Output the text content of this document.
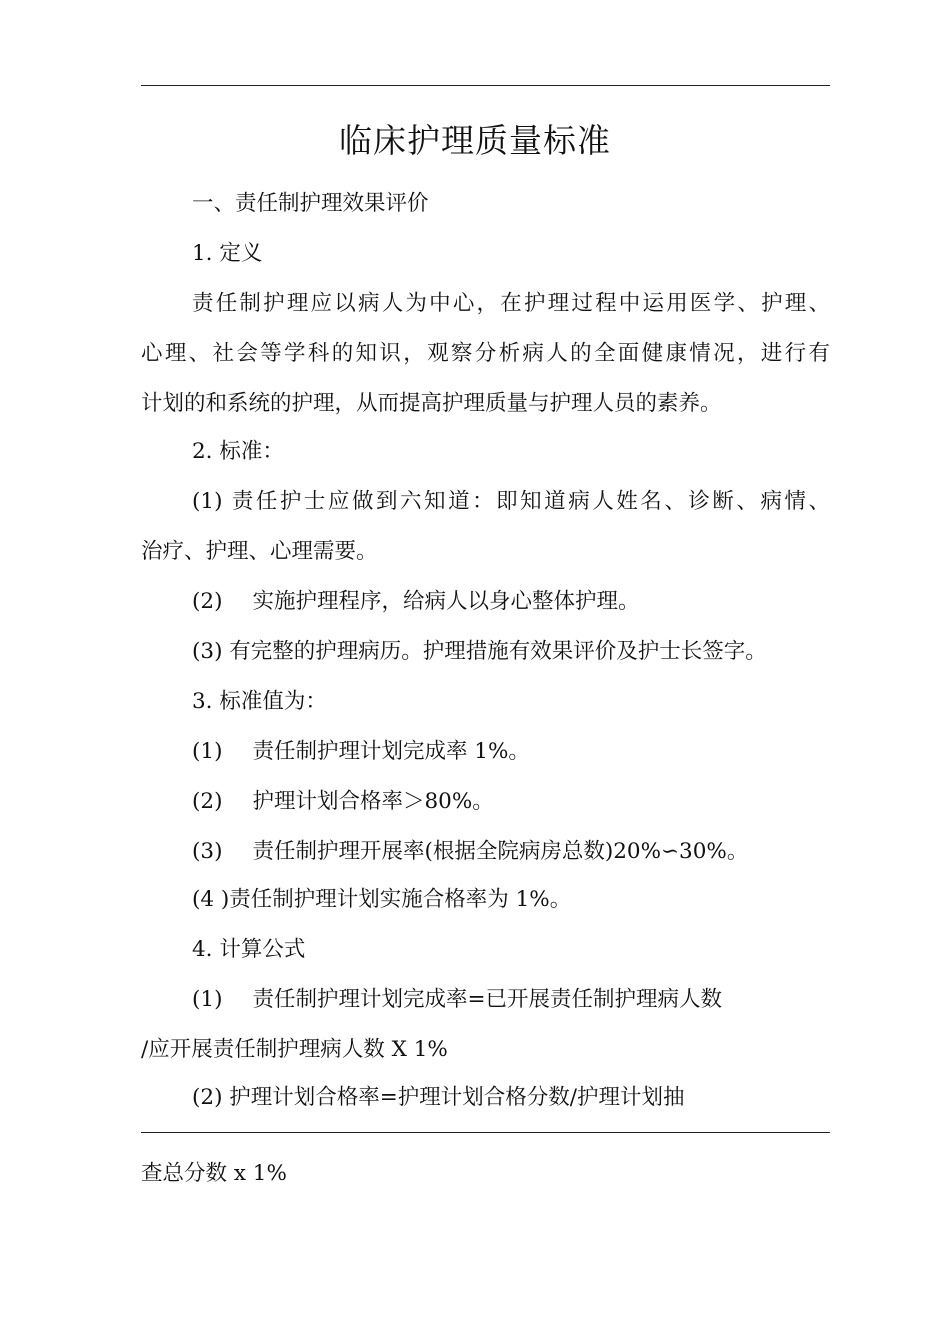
临床护理质量标准
一、责任制护理效果评价
1. 定义
责任制护理应以病人为中心，在护理过程中运用医学、护理、
心理、社会等学科的知识，观察分析病人的全面健康情况，进行有
计划的和系统的护理，从而提高护理质量与护理人员的素养。
2. 标准：
(1) 责任护士应做到六知道：即知道病人姓名、诊断、病情、
治疗、护理、心理需要。
(2) 实施护理程序，给病人以身心整体护理。
(3) 有完整的护理病历。护理措施有效果评价及护士长签字。
3. 标准值为：
(1) 责任制护理计划完成率 1%。
(2) 护理计划合格率＞80%。
(3) 责任制护理开展率(根据全院病房总数)20%∽30%。
(4 )责任制护理计划实施合格率为 1%。
4. 计算公式
(1) 责任制护理计划完成率=已开展责任制护理病人数
/应开展责任制护理病人数 X 1%
(2) 护理计划合格率=护理计划合格分数/护理计划抽
查总分数 x 1%
